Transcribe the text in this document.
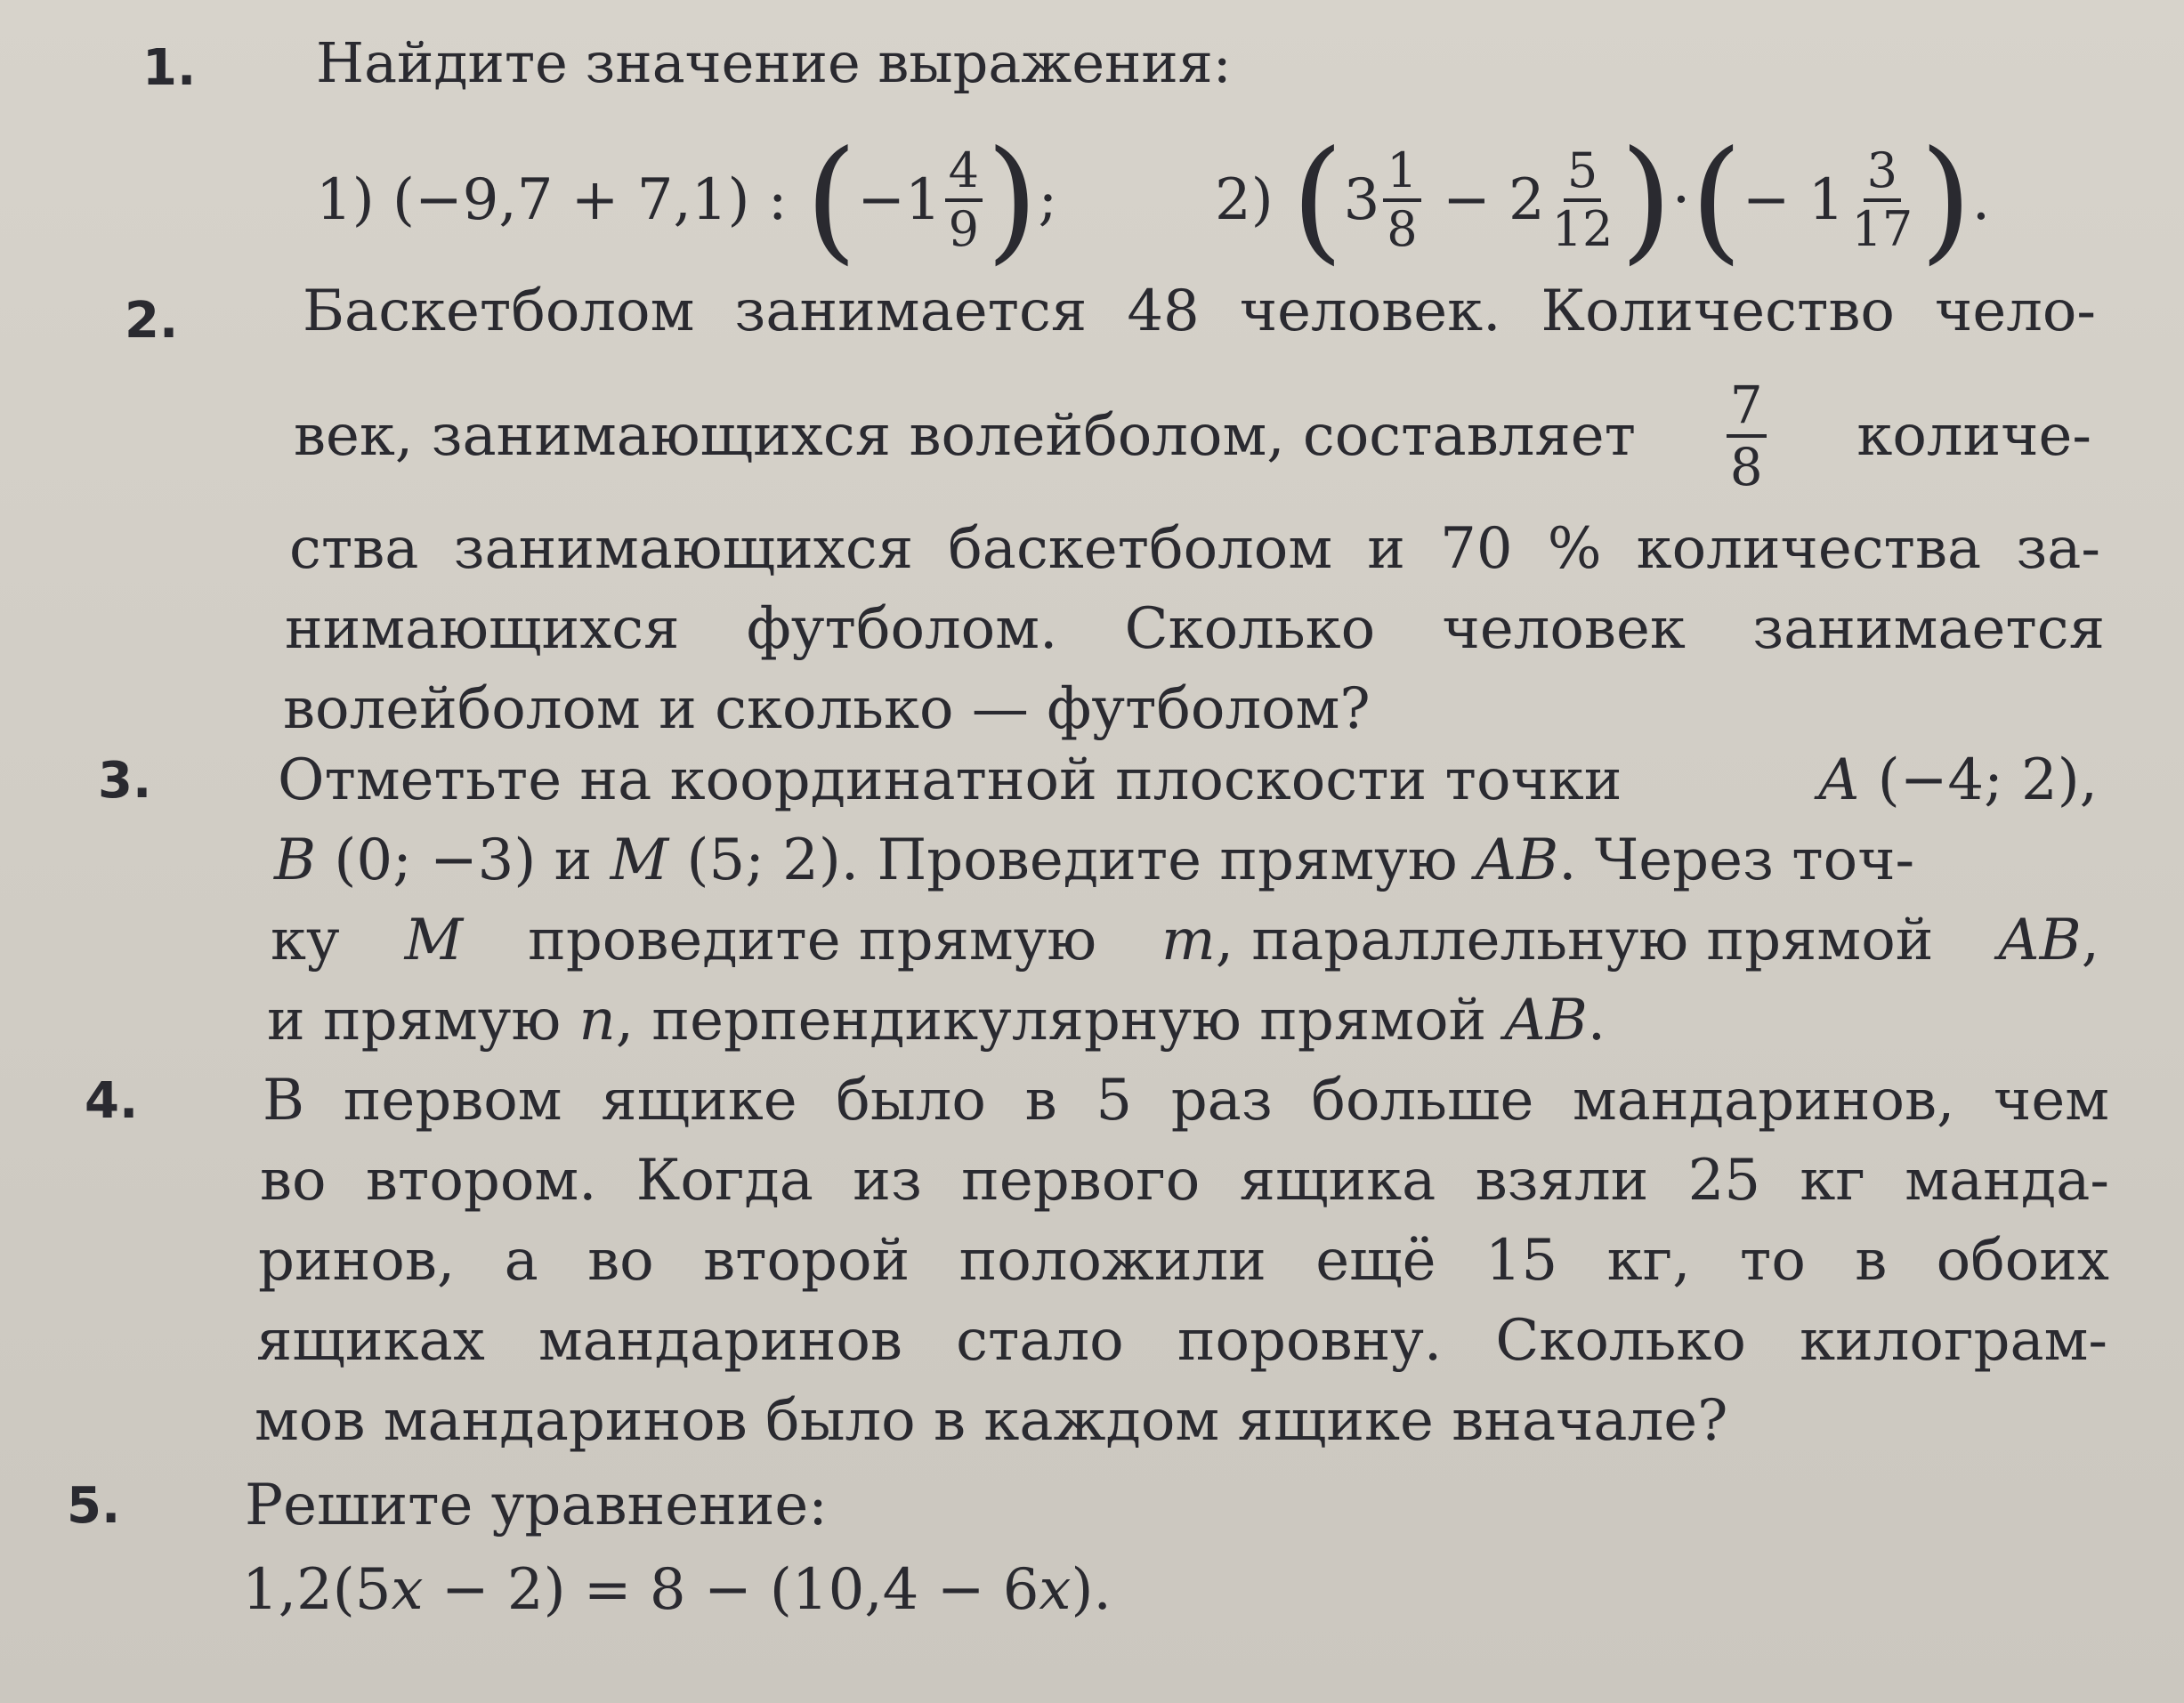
1. Найдите значение выражения:
1)
(−9,7 + 7,1) :
( $-1 \frac{4}{9}$ ) ;	2)
( $3 \frac{1}{8}$
−
$2 \frac{5}{12}$ ) · ( − $1 \frac{3}{17}$ ) .
2. Баскетболом занимается 48 человек. Количество чело-
век, занимающихся волейболом, составляет $\frac{7}{8}$ количе-
ства занимающихся баскетболом и 70 % количества за-
нимающихся футболом. Сколько человек занимается
волейболом и сколько — футболом?
3. Отметьте на координатной плоскости точки	A (−4; 2),
B (0; −3) и M (5; 2). Проведите прямую AB. Через точ-
ку M проведите прямую m, параллельную прямой AB,
и прямую n, перпендикулярную прямой AB.
4. В первом ящике было в 5 раз больше мандаринов, чем
во втором. Когда из первого ящика взяли 25 кг манда-
ринов, а во второй положили ещё 15 кг, то в обоих
ящиках мандаринов стало поровну. Сколько килограм-
мов мандаринов было в каждом ящике вначале?
5. Решите уравнение:
1,2(5x − 2) = 8 − (10,4 − 6x).
